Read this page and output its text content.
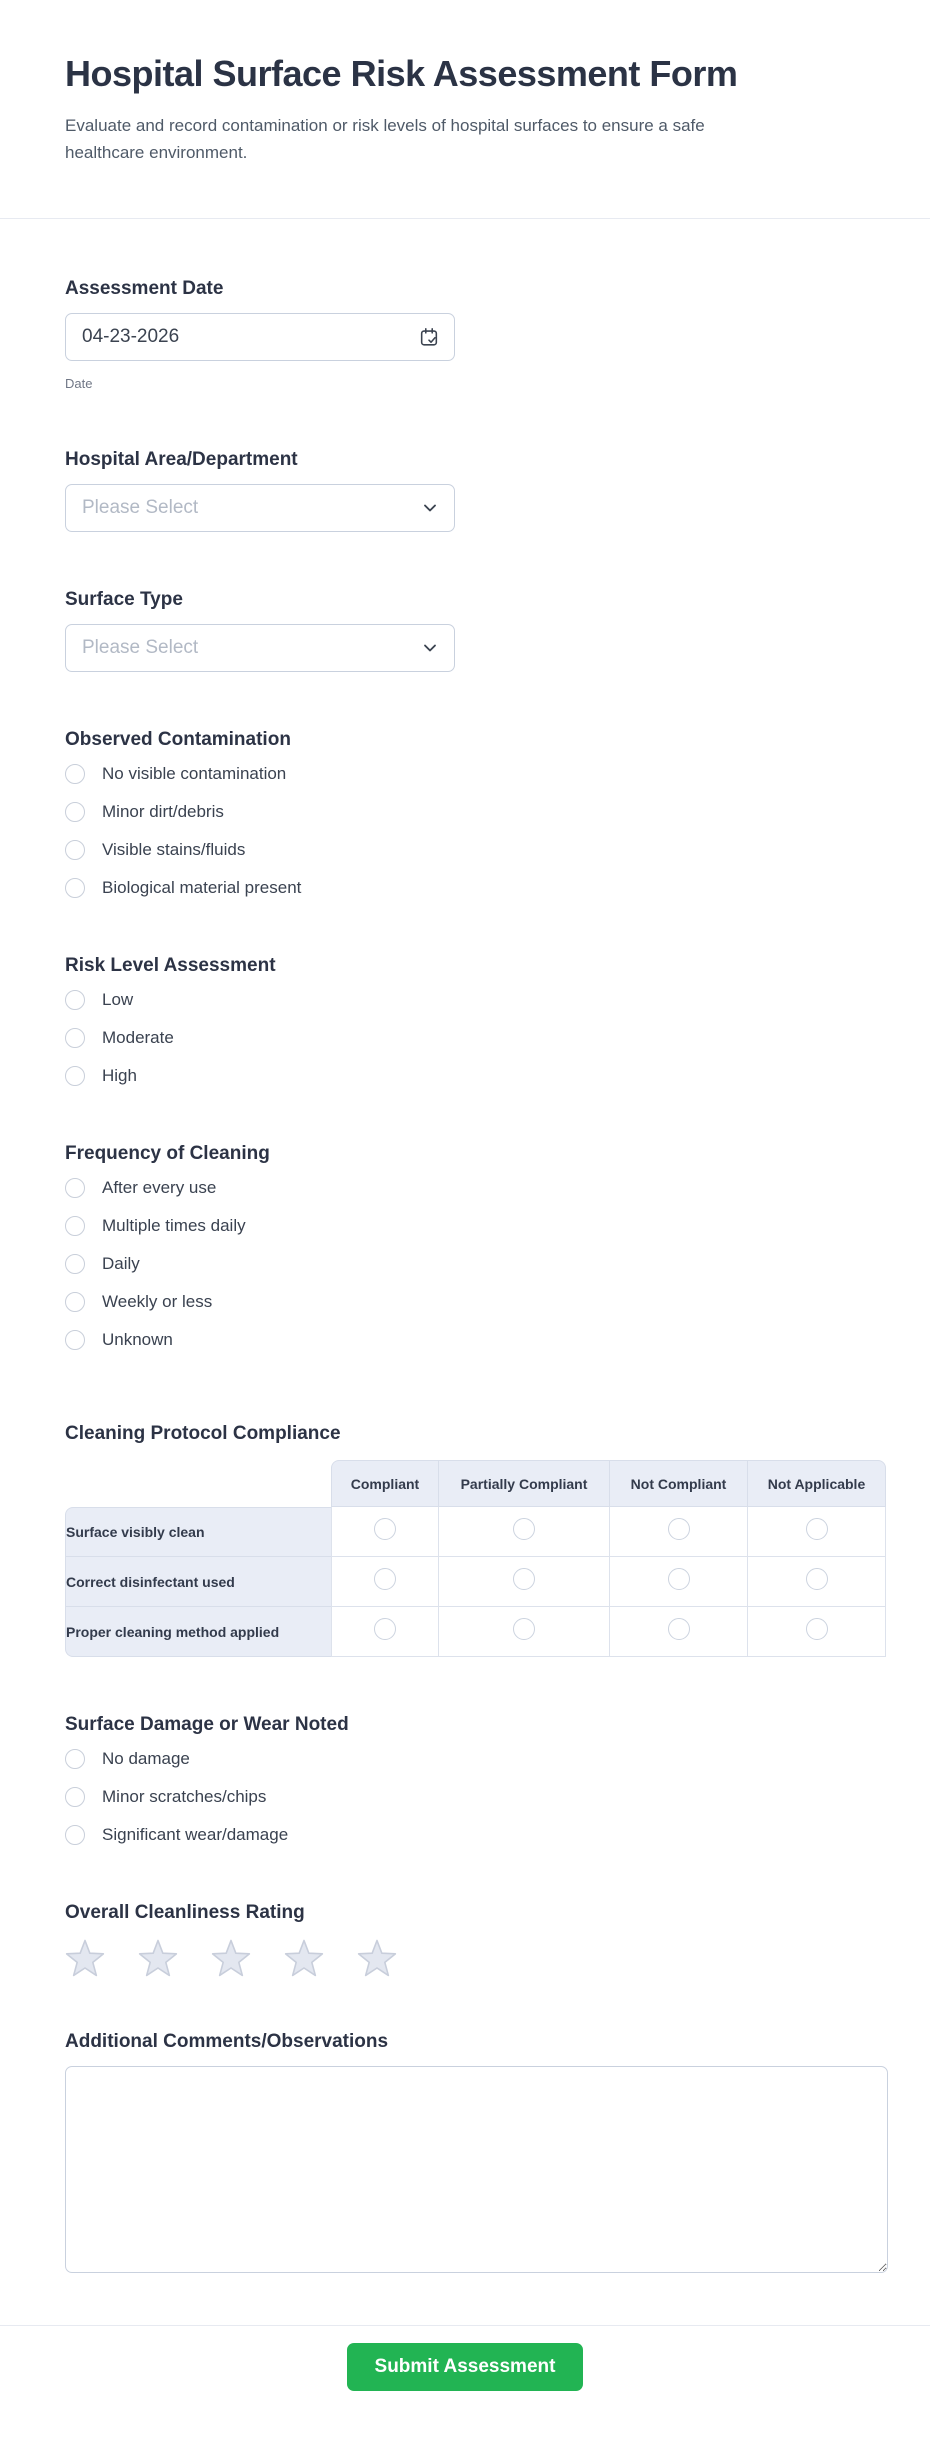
Hospital Surface Risk Assessment Form

Evaluate and record contamination or risk levels of hospital surfaces to ensure a safe healthcare environment.

Assessment Date
04-23-2026
Date
Hospital Area/Department
Please Select
Surface Type
Please Select
Observed Contamination
No visible contamination
Minor dirt/debris
Visible stains/fluids
Biological material present
Risk Level Assessment
Low
Moderate
High
Frequency of Cleaning
After every use
Multiple times daily
Daily
Weekly or less
Unknown
Cleaning Protocol Compliance
	Compliant	Partially Compliant	Not Compliant	Not Applicable
Surface visibly clean				
Correct disinfectant used				
Proper cleaning method applied				
Surface Damage or Wear Noted
No damage
Minor scratches/chips
Significant wear/damage
Overall Cleanliness Rating
Additional Comments/Observations
Submit Assessment
